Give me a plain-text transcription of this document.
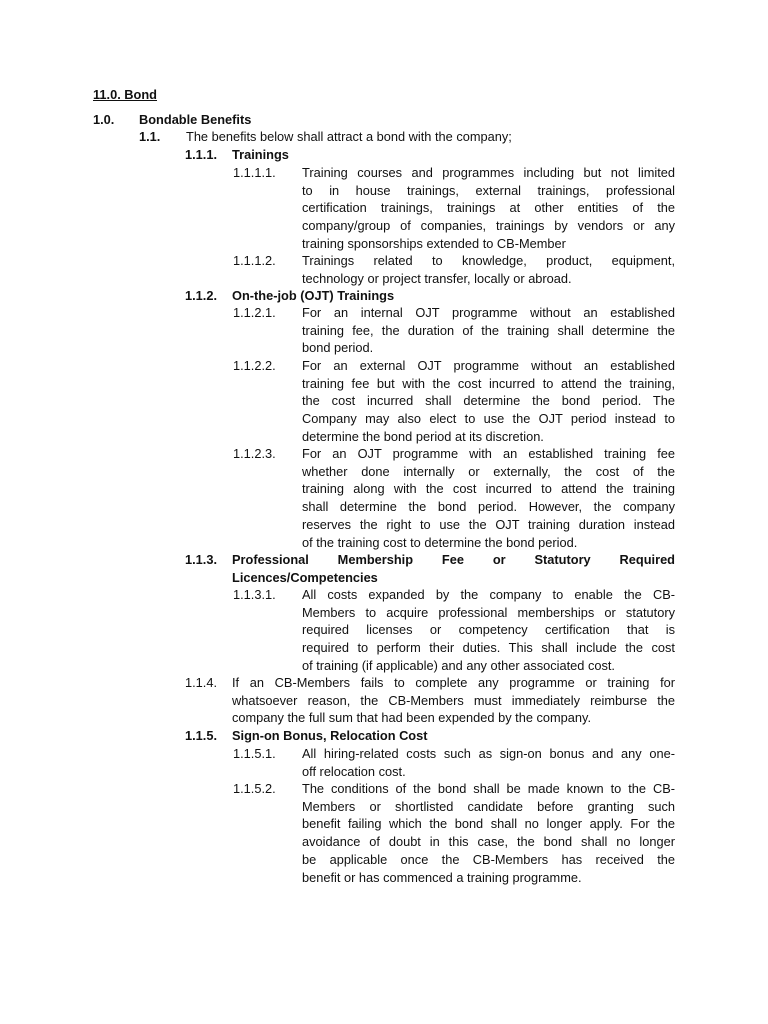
11.0. Bond
1.0. Bondable Benefits
1.1. The benefits below shall attract a bond with the company;
1.1.1. Trainings
1.1.1.1. Training courses and programmes including but not limited
to in house trainings, external trainings, professional
certification trainings, trainings at other entities of the
company/group of companies, trainings by vendors or any
training sponsorships extended to CB-Member
1.1.1.2. Trainings related to knowledge, product, equipment,
technology or project transfer, locally or abroad.
1.1.2. On-the-job (OJT) Trainings
1.1.2.1. For an internal OJT programme without an established
training fee, the duration of the training shall determine the
bond period.
1.1.2.2. For an external OJT programme without an established
training fee but with the cost incurred to attend the training,
the cost incurred shall determine the bond period. The
Company may also elect to use the OJT period instead to
determine the bond period at its discretion.
1.1.2.3. For an OJT programme with an established training fee
whether done internally or externally, the cost of the
training along with the cost incurred to attend the training
shall determine the bond period. However, the company
reserves the right to use the OJT training duration instead
of the training cost to determine the bond period.
1.1.3. Professional Membership Fee or Statutory Required
Licences/Competencies
1.1.3.1. All costs expanded by the company to enable the CB-
Members to acquire professional memberships or statutory
required licenses or competency certification that is
required to perform their duties. This shall include the cost
of training (if applicable) and any other associated cost.
1.1.4. If an CB-Members fails to complete any programme or training for
whatsoever reason, the CB-Members must immediately reimburse the
company the full sum that had been expended by the company.
1.1.5. Sign-on Bonus, Relocation Cost
1.1.5.1. All hiring-related costs such as sign-on bonus and any one-
off relocation cost.
1.1.5.2. The conditions of the bond shall be made known to the CB-
Members or shortlisted candidate before granting such
benefit failing which the bond shall no longer apply. For the
avoidance of doubt in this case, the bond shall no longer
be applicable once the CB-Members has received the
benefit or has commenced a training programme.
